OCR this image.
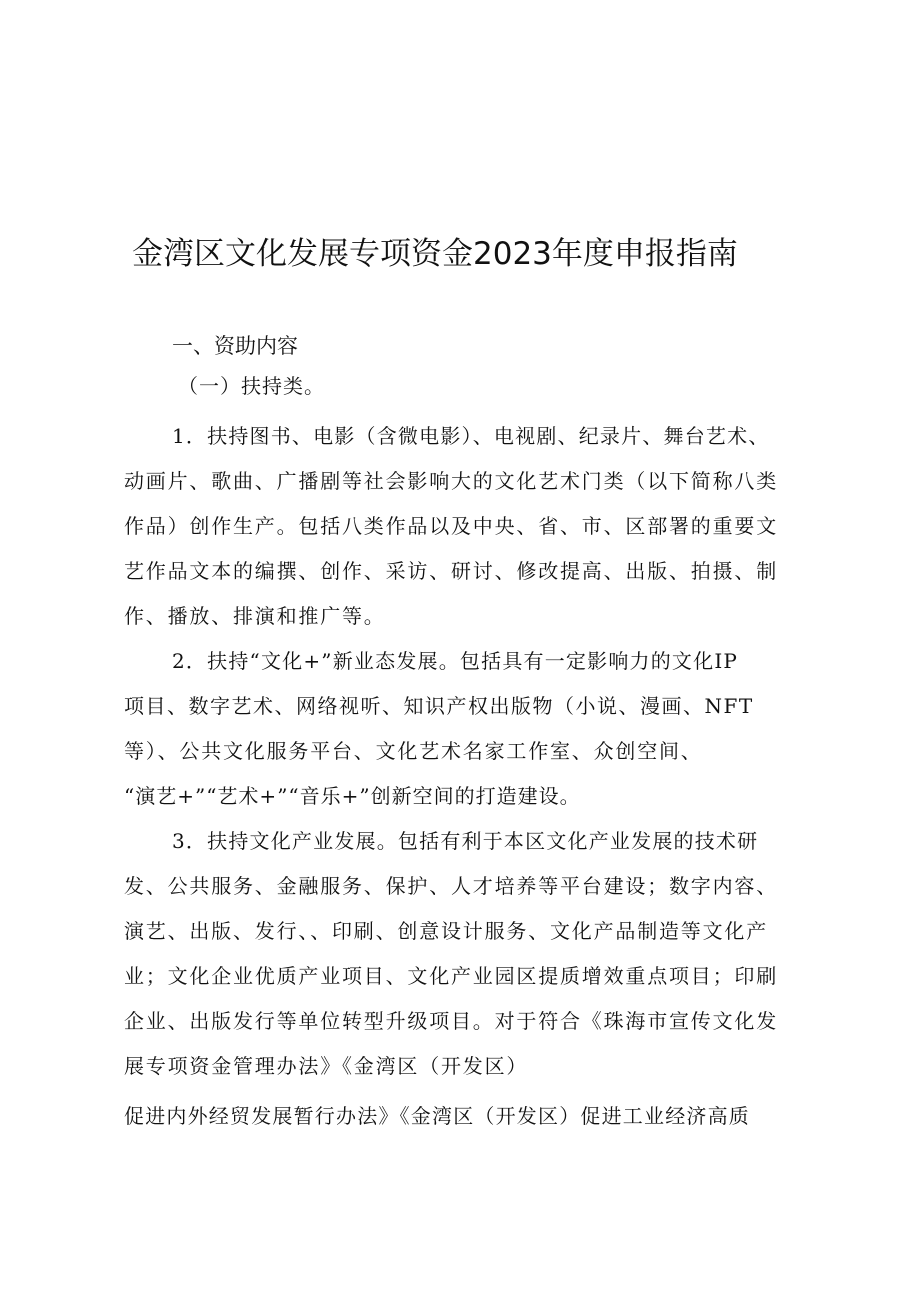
金湾区文化发展专项资金2023年度申报指南
一、资助内容
（一）扶持类。
1．扶持图书、电影（含微电影）、电视剧、纪录片、舞台艺术、
动画片、歌曲、广播剧等社会影响大的文化艺术门类（以下简称八类
作品）创作生产。包括八类作品以及中央、省、市、区部署的重要文
艺作品文本的编撰、创作、采访、研讨、修改提高、出版、拍摄、制
作、播放、排演和推广等。
2．扶持“文化+”新业态发展。包括具有一定影响力的文化IP
项目、数字艺术、网络视听、知识产权出版物（小说、漫画、NFT
等）、公共文化服务平台、文化艺术名家工作室、众创空间、
“演艺+”“艺术+”“音乐+”创新空间的打造建设。
3．扶持文化产业发展。包括有利于本区文化产业发展的技术研
发、公共服务、金融服务、保护、人才培养等平台建设；数字内容、
演艺、出版、发行、、印刷、创意设计服务、文化产品制造等文化产
业；文化企业优质产业项目、文化产业园区提质增效重点项目；印刷
企业、出版发行等单位转型升级项目。对于符合《珠海市宣传文化发
展专项资金管理办法》《金湾区（开发区）
促进内外经贸发展暂行办法》《金湾区（开发区）促进工业经济高质
